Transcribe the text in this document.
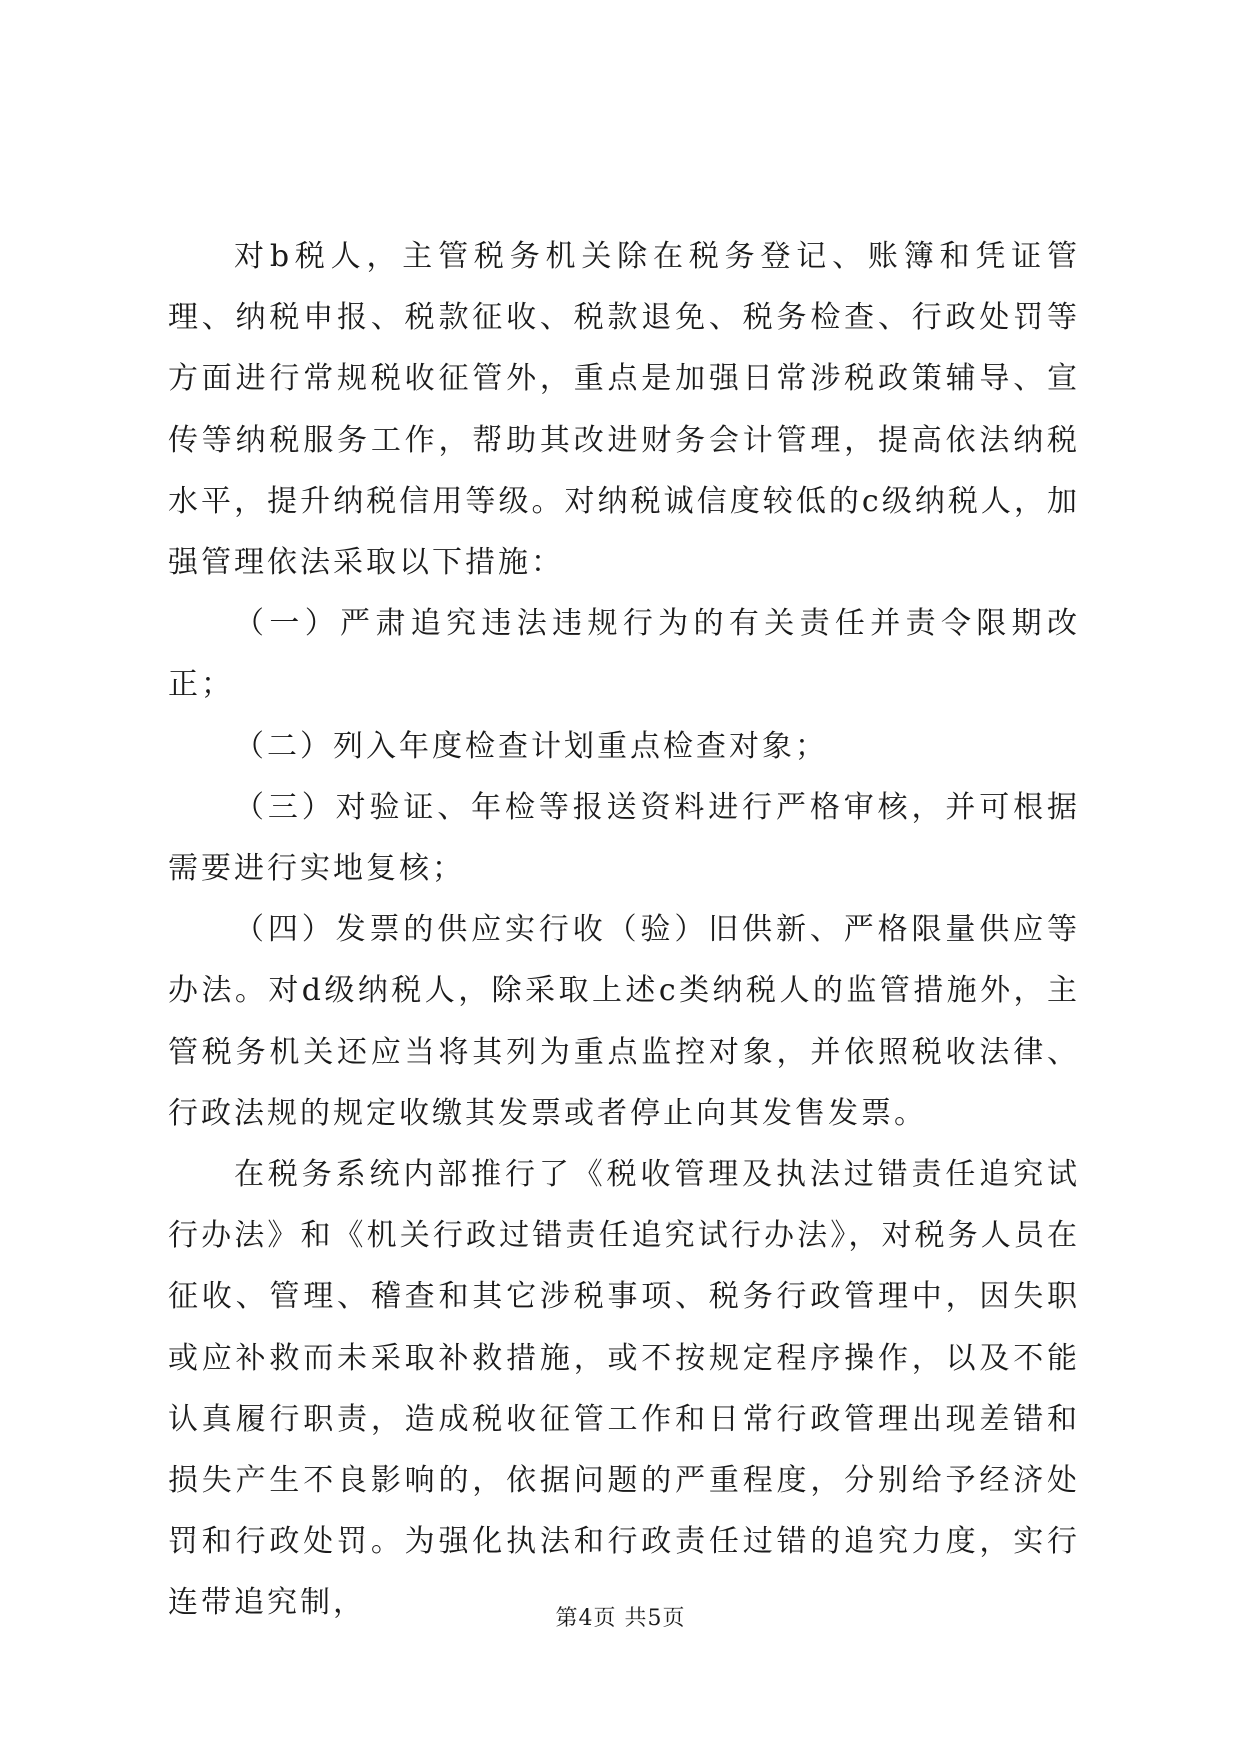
对b税人，主管税务机关除在税务登记、账簿和凭证管理、纳税申报、税款征收、税款退免、税务检查、行政处罚等方面进行常规税收征管外，重点是加强日常涉税政策辅导、宣传等纳税服务工作，帮助其改进财务会计管理，提高依法纳税水平，提升纳税信用等级。对纳税诚信度较低的c级纳税人，加强管理依法采取以下措施：

（一）严肃追究违法违规行为的有关责任并责令限期改正；

（二）列入年度检查计划重点检查对象；

（三）对验证、年检等报送资料进行严格审核，并可根据需要进行实地复核；

（四）发票的供应实行收（验）旧供新、严格限量供应等办法。对d级纳税人，除采取上述c类纳税人的监管措施外，主管税务机关还应当将其列为重点监控对象，并依照税收法律、行政法规的规定收缴其发票或者停止向其发售发票。

在税务系统内部推行了《税收管理及执法过错责任追究试行办法》和《机关行政过错责任追究试行办法》，对税务人员在征收、管理、稽查和其它涉税事项、税务行政管理中，因失职或应补救而未采取补救措施，或不按规定程序操作，以及不能认真履行职责，造成税收征管工作和日常行政管理出现差错和损失产生不良影响的，依据问题的严重程度，分别给予经济处罚和行政处罚。为强化执法和行政责任过错的追究力度，实行连带追究制，	第4页 共5页
